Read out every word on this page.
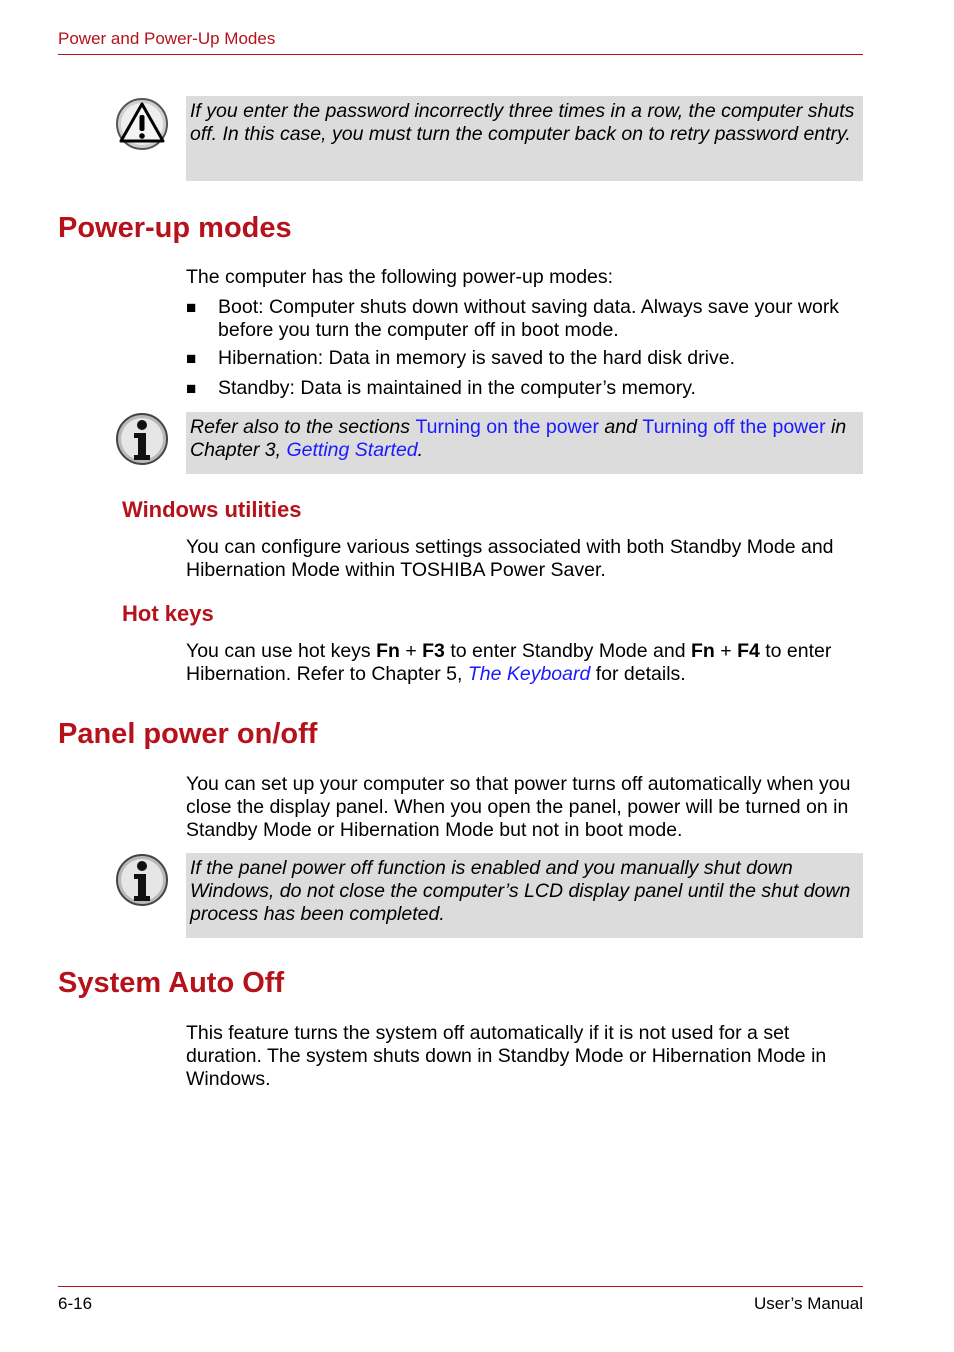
Power and Power-Up Modes
If you enter the password incorrectly three times in a row, the computer shuts off. In this case, you must turn the computer back on to retry password entry.
Power-up modes
The computer has the following power-up modes:
■	Boot: Computer shuts down without saving data. Always save your work before you turn the computer off in boot mode.
■	Hibernation: Data in memory is saved to the hard disk drive.
■	Standby: Data is maintained in the computer’s memory.
Refer also to the sections Turning on the power and Turning off the power in Chapter 3, Getting Started.
Windows utilities
You can configure various settings associated with both Standby Mode and Hibernation Mode within TOSHIBA Power Saver.
Hot keys
You can use hot keys Fn + F3 to enter Standby Mode and Fn + F4 to enter Hibernation. Refer to Chapter 5, The Keyboard for details.
Panel power on/off
You can set up your computer so that power turns off automatically when you close the display panel. When you open the panel, power will be turned on in Standby Mode or Hibernation Mode but not in boot mode.
If the panel power off function is enabled and you manually shut down Windows, do not close the computer’s LCD display panel until the shut down process has been completed.
System Auto Off
This feature turns the system off automatically if it is not used for a set duration. The system shuts down in Standby Mode or Hibernation Mode in Windows.
6-16	User’s Manual
